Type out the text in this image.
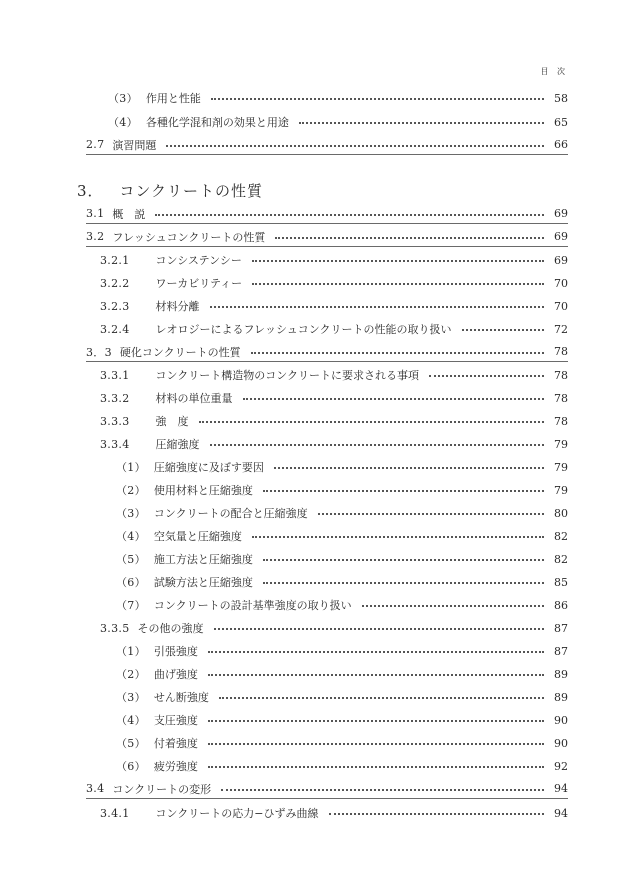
目 次
（3） 作用と性能	58
（4） 各種化学混和剤の効果と用途	65
2.7 演習問題	66
3． コンクリートの性質
3.1 概　説	69
3.2 フレッシュコンクリートの性質	69
3.2.1 コンシステンシー	69
3.2.2 ワーカビリティー	70
3.2.3 材料分離	70
3.2.4 レオロジーによるフレッシュコンクリートの性能の取り扱い	72
3．3 硬化コンクリートの性質	78
3.3.1 コンクリート構造物のコンクリートに要求される事項	78
3.3.2 材料の単位重量	78
3.3.3 強　度	78
3.3.4 圧縮強度	79
（1） 圧縮強度に及ぼす要因	79
（2） 使用材料と圧縮強度	79
（3） コンクリートの配合と圧縮強度	80
（4） 空気量と圧縮強度	82
（5） 施工方法と圧縮強度	82
（6） 試験方法と圧縮強度	85
（7） コンクリートの設計基準強度の取り扱い	86
3.3.5 その他の強度	87
（1） 引張強度	87
（2） 曲げ強度	89
（3） せん断強度	89
（4） 支圧強度	90
（5） 付着強度	90
（6） 疲労強度	92
3.4 コンクリートの変形	94
3.4.1 コンクリートの応力−ひずみ曲線	94
